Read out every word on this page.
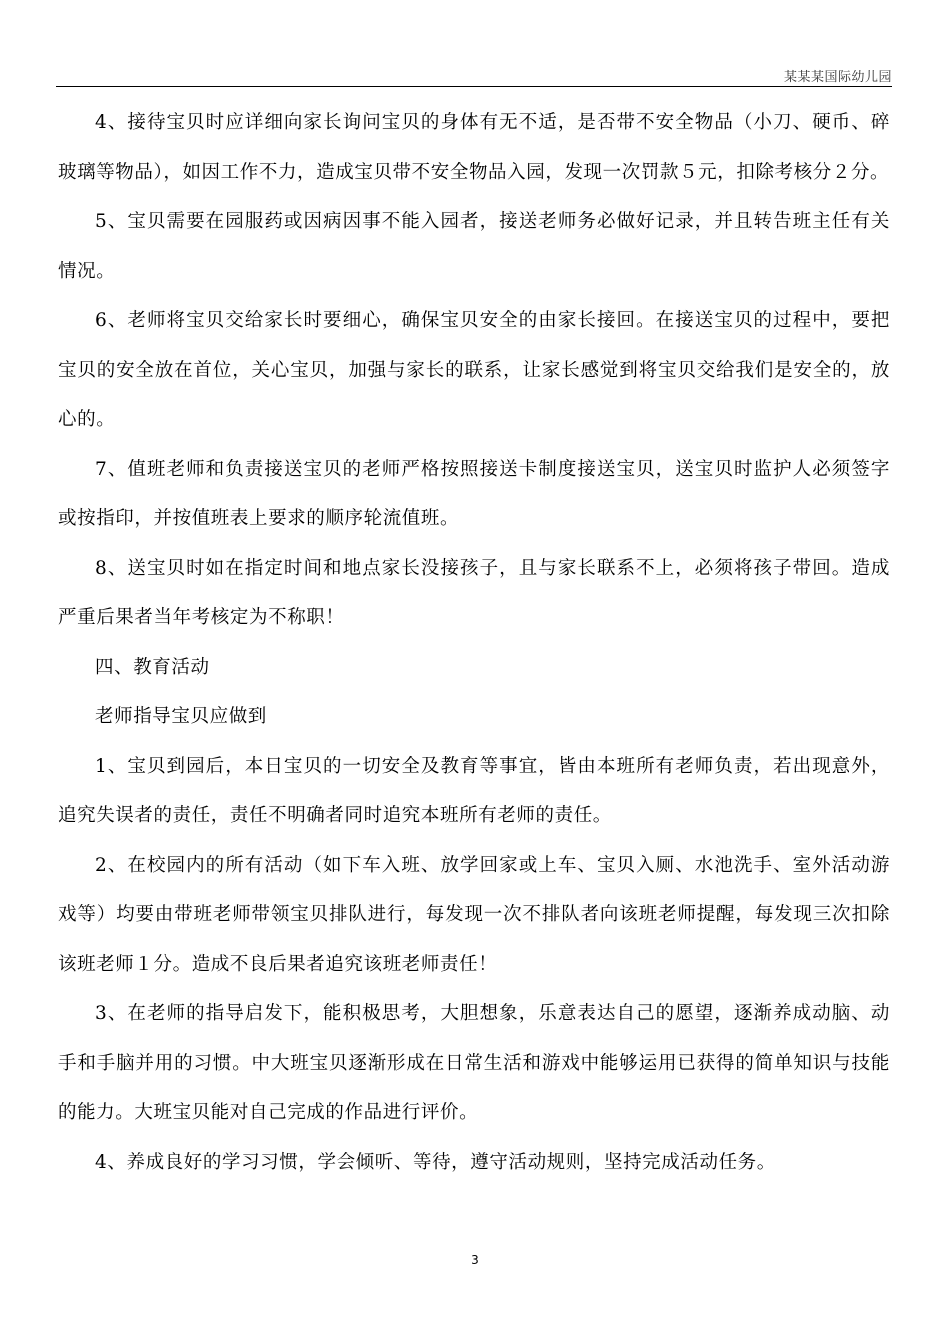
某某某国际幼儿园

4、接待宝贝时应详细向家长询问宝贝的身体有无不适，是否带不安全物品（小刀、硬币、碎玻璃等物品），如因工作不力，造成宝贝带不安全物品入园，发现一次罚款５元，扣除考核分２分。

5、宝贝需要在园服药或因病因事不能入园者，接送老师务必做好记录，并且转告班主任有关情况。

6、老师将宝贝交给家长时要细心，确保宝贝安全的由家长接回。在接送宝贝的过程中，要把宝贝的安全放在首位，关心宝贝，加强与家长的联系，让家长感觉到将宝贝交给我们是安全的，放心的。

7、值班老师和负责接送宝贝的老师严格按照接送卡制度接送宝贝，送宝贝时监护人必须签字或按指印，并按值班表上要求的顺序轮流值班。

8、送宝贝时如在指定时间和地点家长没接孩子，且与家长联系不上，必须将孩子带回。造成严重后果者当年考核定为不称职！

四、教育活动

老师指导宝贝应做到

1、宝贝到园后，本日宝贝的一切安全及教育等事宜，皆由本班所有老师负责，若出现意外，追究失误者的责任，责任不明确者同时追究本班所有老师的责任。

2、在校园内的所有活动（如下车入班、放学回家或上车、宝贝入厕、水池洗手、室外活动游戏等）均要由带班老师带领宝贝排队进行，每发现一次不排队者向该班老师提醒，每发现三次扣除该班老师１分。造成不良后果者追究该班老师责任！

3、在老师的指导启发下，能积极思考，大胆想象，乐意表达自己的愿望，逐渐养成动脑、动手和手脑并用的习惯。中大班宝贝逐渐形成在日常生活和游戏中能够运用已获得的简单知识与技能的能力。大班宝贝能对自己完成的作品进行评价。

4、养成良好的学习习惯，学会倾听、等待，遵守活动规则，坚持完成活动任务。

3
